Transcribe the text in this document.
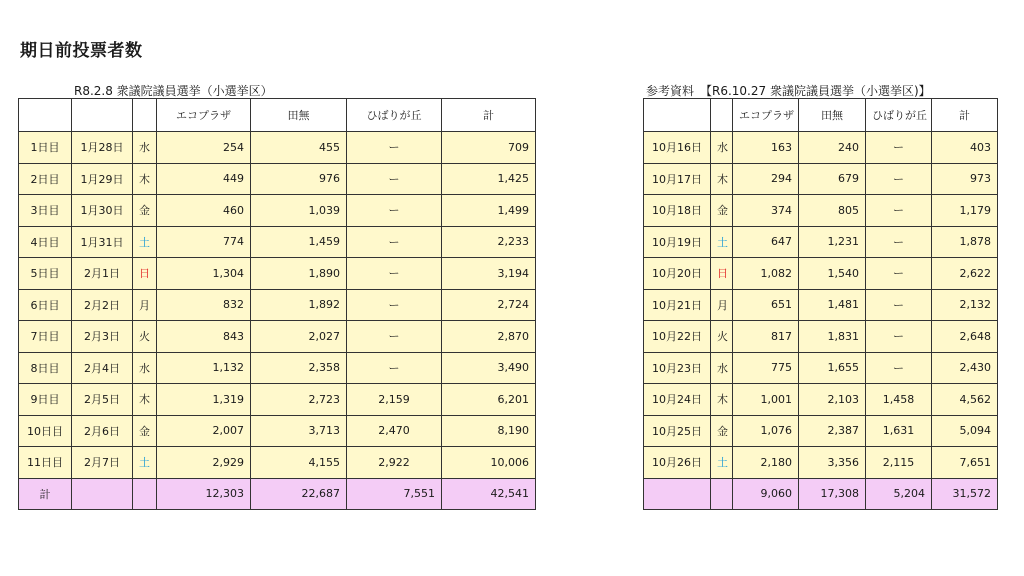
期日前投票者数
R8.2.8 衆議院議員選挙（小選挙区）
			エコプラザ	田無	ひばりが丘	計
1日目	1月28日	水	254	455	ー	709
2日目	1月29日	木	449	976	ー	1,425
3日目	1月30日	金	460	1,039	ー	1,499
4日目	1月31日	土	774	1,459	ー	2,233
5日目	2月1日	日	1,304	1,890	ー	3,194
6日目	2月2日	月	832	1,892	ー	2,724
7日目	2月3日	火	843	2,027	ー	2,870
8日目	2月4日	水	1,132	2,358	ー	3,490
9日目	2月5日	木	1,319	2,723	2,159	6,201
10日目	2月6日	金	2,007	3,713	2,470	8,190
11日目	2月7日	土	2,929	4,155	2,922	10,006
計			12,303	22,687	7,551	42,541
参考資料　【R6.10.27 衆議院議員選挙（小選挙区)】
		エコプラザ	田無	ひばりが丘	計
10月16日	水	163	240	ー	403
10月17日	木	294	679	ー	973
10月18日	金	374	805	ー	1,179
10月19日	土	647	1,231	ー	1,878
10月20日	日	1,082	1,540	ー	2,622
10月21日	月	651	1,481	ー	2,132
10月22日	火	817	1,831	ー	2,648
10月23日	水	775	1,655	ー	2,430
10月24日	木	1,001	2,103	1,458	4,562
10月25日	金	1,076	2,387	1,631	5,094
10月26日	土	2,180	3,356	2,115	7,651
		9,060	17,308	5,204	31,572
